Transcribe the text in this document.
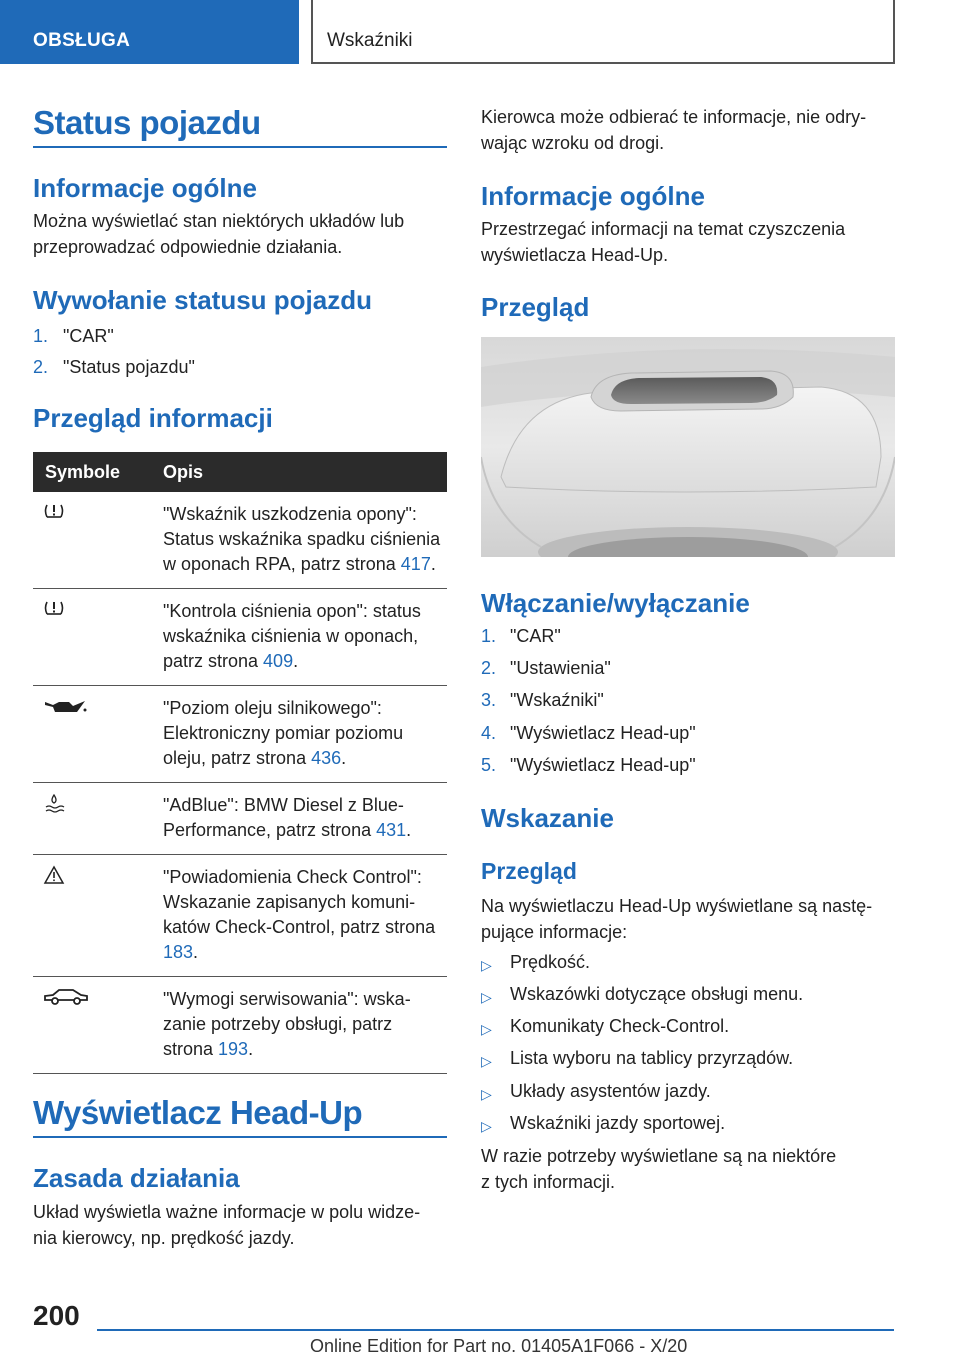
OBSŁUGA	Wskaźniki
Status pojazdu
Informacje ogólne
Można wyświetlać stan niektórych układów lub
przeprowadzać odpowiednie działania.
Wywołanie statusu pojazdu
1. "CAR"
2. "Status pojazdu"
Przegląd informacji
Symbole	Opis
	"Wskaźnik uszkodzenia opony": Status wskaźnika spadku ciśnienia w oponach RPA, patrz strona 417.
	"Kontrola ciśnienia opon": status wskaźnika ciśnienia w oponach, patrz strona 409.
	"Poziom oleju silnikowego": Elektroniczny pomiar poziomu oleju, patrz strona 436.
	"AdBlue": BMW Diesel z BluePerformance, patrz strona 431.
	"Powiadomienia Check Control": Wskazanie zapisanych komunikatów Check-Control, patrz strona 183.
	"Wymogi serwisowania": wskazanie potrzeby obsługi, patrz strona 193.
Wyświetlacz Head-Up
Zasada działania
Układ wyświetla ważne informacje w polu widze-
nia kierowcy, np. prędkość jazdy.
Kierowca może odbierać te informacje, nie odry-
wając wzroku od drogi.
Informacje ogólne
Przestrzegać informacji na temat czyszczenia
wyświetlacza Head-Up.
Przegląd
Włączanie/wyłączanie
1. "CAR"
2. "Ustawienia"
3. "Wskaźniki"
4. "Wyświetlacz Head-up"
5. "Wyświetlacz Head-up"
Wskazanie
Przegląd
Na wyświetlaczu Head-Up wyświetlane są nastę-
pujące informacje:
▷ Prędkość.
▷ Wskazówki dotyczące obsługi menu.
▷ Komunikaty Check-Control.
▷ Lista wyboru na tablicy przyrządów.
▷ Układy asystentów jazdy.
▷ Wskaźniki jazdy sportowej.
W razie potrzeby wyświetlane są na niektóre
z tych informacji.
200
Online Edition for Part no. 01405A1F066 - X/20
